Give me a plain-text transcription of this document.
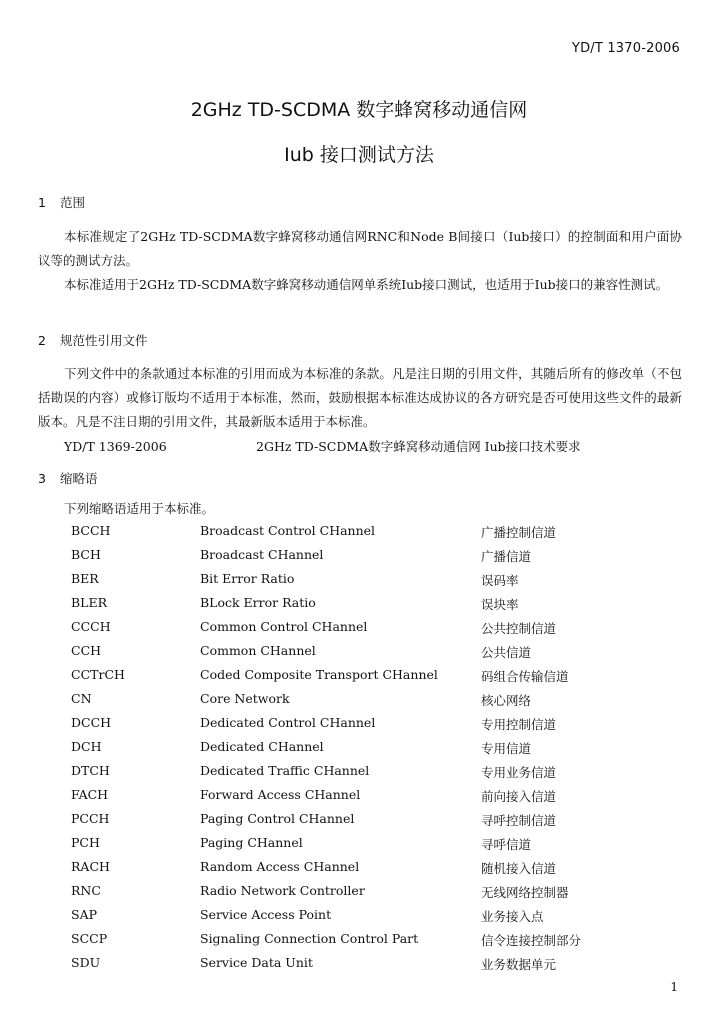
YD/T 1370-2006
2GHz TD-SCDMA 数字蜂窝移动通信网
Iub 接口测试方法
1 范围

本标准规定了2GHz TD-SCDMA数字蜂窝移动通信网RNC和Node B间接口（Iub接口）的控制面和用户面协议等的测试方法。

本标准适用于2GHz TD-SCDMA数字蜂窝移动通信网单系统Iub接口测试，也适用于Iub接口的兼容性测试。

2 规范性引用文件

下列文件中的条款通过本标准的引用而成为本标准的条款。凡是注日期的引用文件，其随后所有的修改单（不包括勘误的内容）或修订版均不适用于本标准，然而，鼓励根据本标准达成协议的各方研究是否可使用这些文件的最新版本。凡是不注日期的引用文件，其最新版本适用于本标准。

YD/T 1369-2006	2GHz TD-SCDMA数字蜂窝移动通信网 Iub接口技术要求
3 缩略语
下列缩略语适用于本标准。
BCCH	Broadcast Control CHannel	广播控制信道
BCH	Broadcast CHannel	广播信道
BER	Bit Error Ratio	误码率
BLER	BLock Error Ratio	误块率
CCCH	Common Control CHannel	公共控制信道
CCH	Common CHannel	公共信道
CCTrCH	Coded Composite Transport CHannel	码组合传输信道
CN	Core Network	核心网络
DCCH	Dedicated Control CHannel	专用控制信道
DCH	Dedicated CHannel	专用信道
DTCH	Dedicated Traffic CHannel	专用业务信道
FACH	Forward Access CHannel	前向接入信道
PCCH	Paging Control CHannel	寻呼控制信道
PCH	Paging CHannel	寻呼信道
RACH	Random Access CHannel	随机接入信道
RNC	Radio Network Controller	无线网络控制器
SAP	Service Access Point	业务接入点
SCCP	Signaling Connection Control Part	信令连接控制部分
SDU	Service Data Unit	业务数据单元
1
